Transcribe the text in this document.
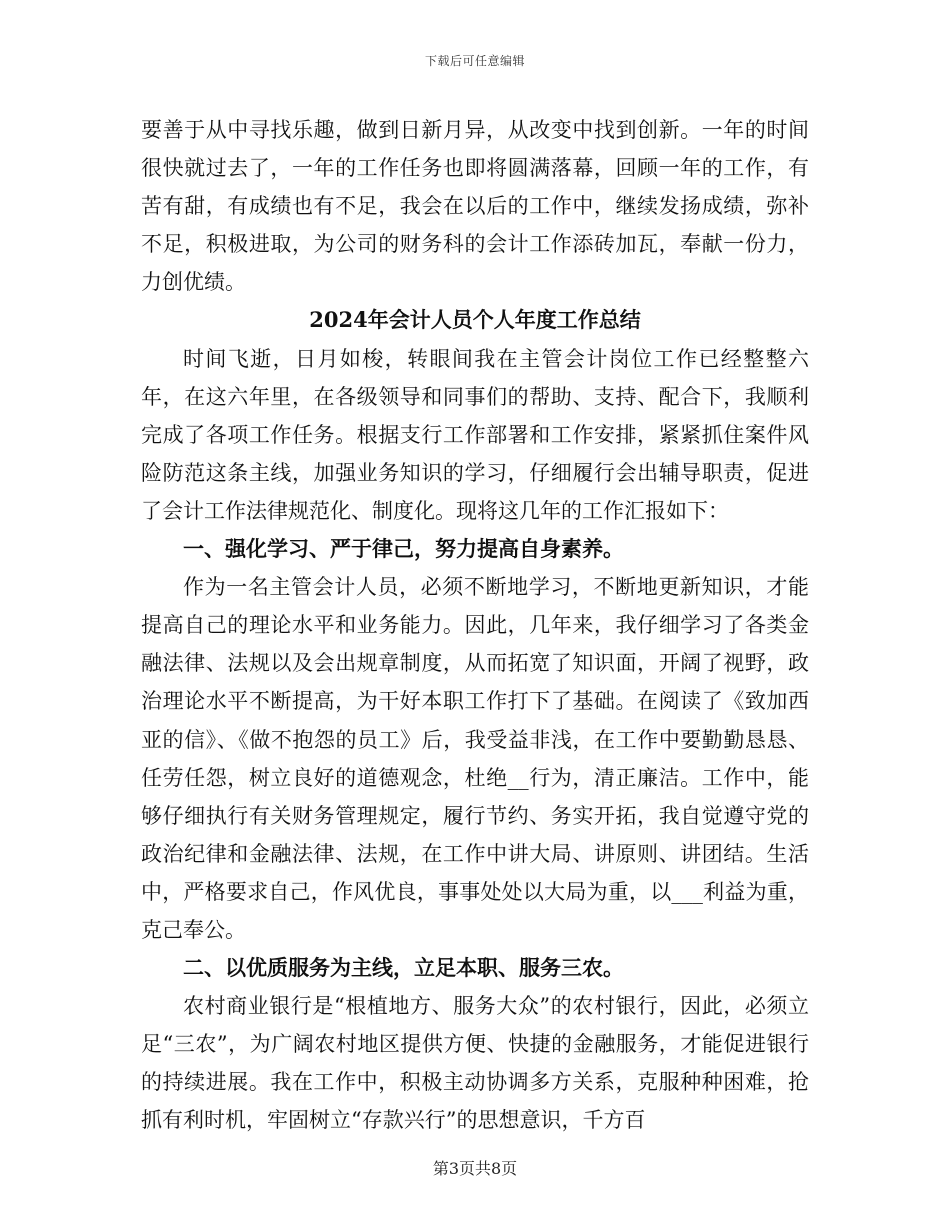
下载后可任意编辑

要善于从中寻找乐趣，做到日新月异，从改变中找到创新。一年的时间很快就过去了，一年的工作任务也即将圆满落幕，回顾一年的工作，有苦有甜，有成绩也有不足，我会在以后的工作中，继续发扬成绩，弥补不足，积极进取，为公司的财务科的会计工作添砖加瓦，奉献一份力，力创优绩。

2024年会计人员个人年度工作总结

时间飞逝，日月如梭，转眼间我在主管会计岗位工作已经整整六年，在这六年里，在各级领导和同事们的帮助、支持、配合下，我顺利完成了各项工作任务。根据支行工作部署和工作安排，紧紧抓住案件风险防范这条主线，加强业务知识的学习，仔细履行会出辅导职责，促进了会计工作法律规范化、制度化。现将这几年的工作汇报如下：

一、强化学习、严于律己，努力提高自身素养。

作为一名主管会计人员，必须不断地学习，不断地更新知识，才能提高自己的理论水平和业务能力。因此，几年来，我仔细学习了各类金融法律、法规以及会出规章制度，从而拓宽了知识面，开阔了视野，政治理论水平不断提高，为干好本职工作打下了基础。在阅读了《致加西亚的信》、《做不抱怨的员工》后，我受益非浅，在工作中要勤勤恳恳、任劳任怨，树立良好的道德观念，杜绝__行为，清正廉洁。工作中，能够仔细执行有关财务管理规定，履行节约、务实开拓，我自觉遵守党的政治纪律和金融法律、法规，在工作中讲大局、讲原则、讲团结。生活中，严格要求自己，作风优良，事事处处以大局为重，以___利益为重，克己奉公。

二、以优质服务为主线，立足本职、服务三农。

农村商业银行是“根植地方、服务大众”的农村银行，因此，必须立足“三农”，为广阔农村地区提供方便、快捷的金融服务，才能促进银行的持续进展。我在工作中，积极主动协调多方关系，克服种种困难，抢抓有利时机，牢固树立“存款兴行”的思想意识，千方百

第3页共8页
